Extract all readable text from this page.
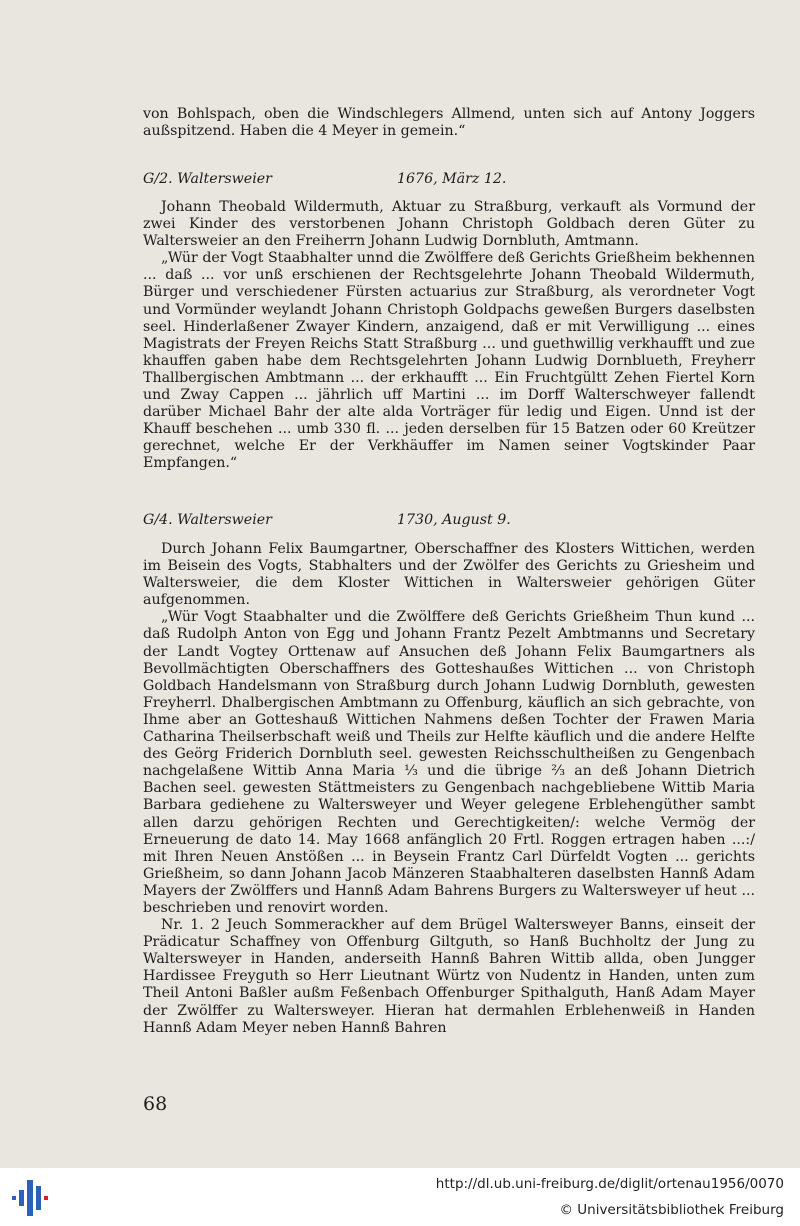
von Bohlspach, oben die Windschlegers Allmend, unten sich auf Antony Joggers außspitzend. Haben die 4 Meyer in gemein.“

G/2. Waltersweier	1676, März 12.

Johann Theobald Wildermuth, Aktuar zu Straßburg, verkauft als Vormund der zwei Kinder des verstorbenen Johann Christoph Goldbach deren Güter zu Waltersweier an den Freiherrn Johann Ludwig Dornbluth, Amtmann.

„Wür der Vogt Staabhalter unnd die Zwölffere deß Gerichts Grießheim bekhennen ... daß ... vor unß erschienen der Rechtsgelehrte Johann Theobald Wildermuth, Bürger und verschiedener Fürsten actuarius zur Straßburg, als verordneter Vogt und Vormünder weylandt Johann Christoph Goldpachs geweßen Burgers daselbsten seel. Hinderlaßener Zwayer Kindern, anzaigend, daß er mit Verwilligung ... eines Magistrats der Freyen Reichs Statt Straßburg ... und guethwillig verkhaufft und zue khauffen gaben habe dem Rechtsgelehrten Johann Ludwig Dornblueth, Freyherr Thallbergischen Ambtmann ... der erkhaufft ... Ein Fruchtgültt Zehen Fiertel Korn und Zway Cappen ... jährlich uff Martini ... im Dorff Walterschweyer fallendt darüber Michael Bahr der alte alda Vorträger für ledig und Eigen. Unnd ist der Khauff beschehen ... umb 330 fl. ... jeden derselben für 15 Batzen oder 60 Kreützer gerechnet, welche Er der Verkhäuffer im Namen seiner Vogtskinder Paar Empfangen.“

G/4. Waltersweier	1730, August 9.

Durch Johann Felix Baumgartner, Oberschaffner des Klosters Wittichen, werden im Beisein des Vogts, Stabhalters und der Zwölfer des Gerichts zu Griesheim und Waltersweier, die dem Kloster Wittichen in Waltersweier gehörigen Güter aufgenommen.

„Wür Vogt Staabhalter und die Zwölffere deß Gerichts Grießheim Thun kund ... daß Rudolph Anton von Egg und Johann Frantz Pezelt Ambtmanns und Secretary der Landt Vogtey Orttenaw auf Ansuchen deß Johann Felix Baumgartners als Bevollmächtigten Oberschaffners des Gotteshaußes Wittichen ... von Christoph Goldbach Handelsmann von Straßburg durch Johann Ludwig Dornbluth, gewesten Freyherrl. Dhalbergischen Ambtmann zu Offenburg, käuflich an sich gebrachte, von Ihme aber an Gotteshauß Wittichen Nahmens deßen Tochter der Frawen Maria Catharina Theilserbschaft weiß und Theils zur Helfte käuflich und die andere Helfte des Geörg Friderich Dornbluth seel. gewesten Reichsschultheißen zu Gengenbach nachgelaßene Wittib Anna Maria ⅓ und die übrige ⅔ an deß Johann Dietrich Bachen seel. gewesten Stättmeisters zu Gengenbach nachgebliebene Wittib Maria Barbara gediehene zu Waltersweyer und Weyer gelegene Erblehengüther sambt allen darzu gehörigen Rechten und Gerechtigkeiten/: welche Vermög der Erneuerung de dato 14. May 1668 anfänglich 20 Frtl. Roggen ertragen haben ...:/ mit Ihren Neuen Anstößen ... in Beysein Frantz Carl Dürfeldt Vogten ... gerichts Grießheim, so dann Johann Jacob Mänzeren Staabhalteren daselbsten Hannß Adam Mayers der Zwölffers und Hannß Adam Bahrens Burgers zu Waltersweyer uf heut ... beschrieben und renovirt worden.

Nr. 1. 2 Jeuch Sommerackher auf dem Brügel Waltersweyer Banns, einseit der Prädicatur Schaffney von Offenburg Giltguth, so Hanß Buchholtz der Jung zu Waltersweyer in Handen, anderseith Hannß Bahren Wittib allda, oben Jungger Hardissee Freyguth so Herr Lieutnant Würtz von Nudentz in Handen, unten zum Theil Antoni Baßler außm Feßenbach Offenburger Spithalguth, Hanß Adam Mayer der Zwölffer zu Waltersweyer. Hieran hat dermahlen Erblehenweiß in Handen Hannß Adam Meyer neben Hannß Bahren

68
http://dl.ub.uni-freiburg.de/diglit/ortenau1956/0070
© Universitätsbibliothek Freiburg
